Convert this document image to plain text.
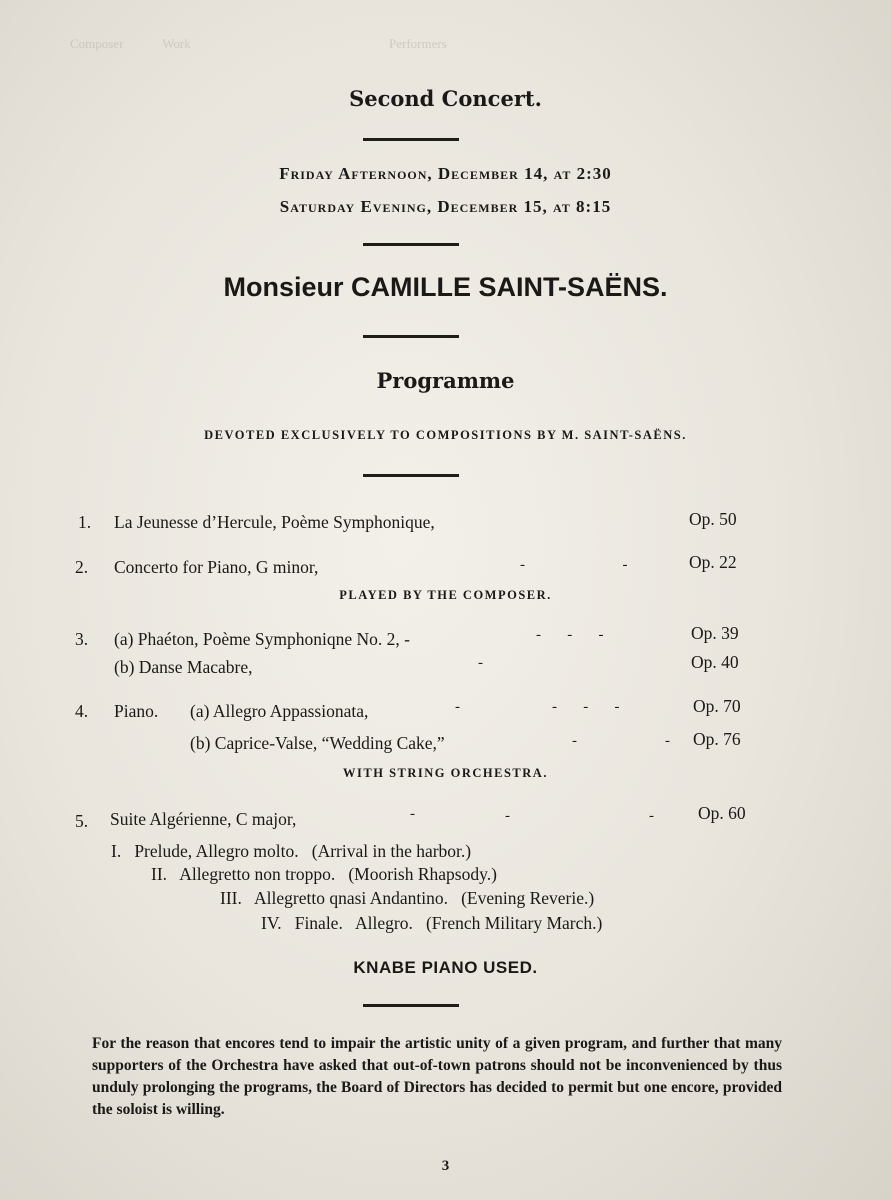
Composer            Work                                                             Performers
Second Concert.
Friday Afternoon, December 14, at 2:30
Saturday Evening, December 15, at 8:15
Monsieur CAMILLE SAINT-SAËNS.
Programme
DEVOTED EXCLUSIVELY TO COMPOSITIONS BY M. SAINT-SAËNS.
1. La Jeunesse d’Hercule, Poème Symphonique,	Op. 50
2. Concerto for Piano, G minor,	-                          -	Op. 22
PLAYED BY THE COMPOSER.
3. (a) Phaéton, Poème Symphoniqne No. 2, -	-       -       -	Op. 39
(b) Danse Macabre,	-	Op. 40
4. Piano. (a) Allegro Appassionata,	-	-       -       -	Op. 70
(b) Caprice-Valse, “Wedding Cake,”	-	- Op. 76
WITH STRING ORCHESTRA.
5. Suite Algérienne, C major,	-	-	-	Op. 60
I.   Prelude, Allegro molto.   (Arrival in the harbor.)
II.   Allegretto non troppo.   (Moorish Rhapsody.)
III.   Allegretto qnasi Andantino.   (Evening Reverie.)
IV.   Finale.   Allegro.   (French Military March.)
KNABE PIANO USED.
For the reason that encores tend to impair the artistic unity of a given program, and further that many supporters of the Orchestra have asked that out-of-town patrons should not be inconvenienced by thus unduly prolonging the programs, the Board of Directors has decided to permit but one encore, provided the soloist is willing.
3
